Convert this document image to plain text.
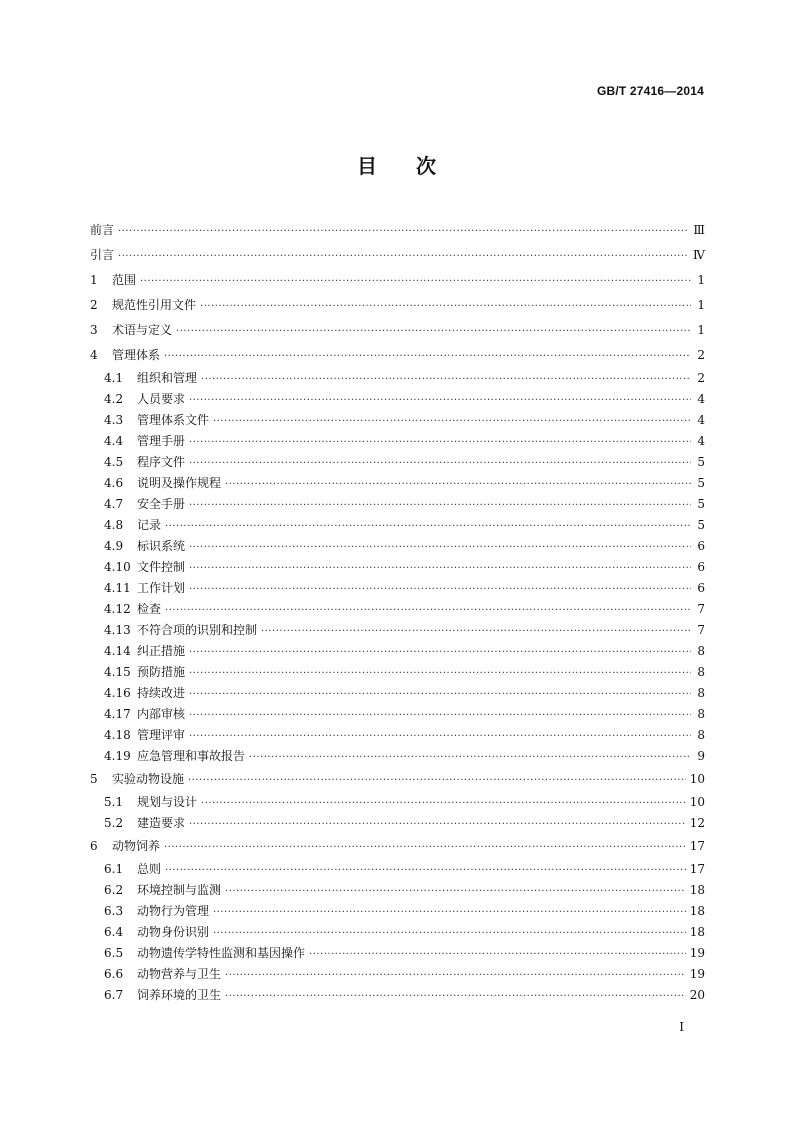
GB/T 27416—2014
目 次
前言 ·····	Ⅲ
引言 ·····	Ⅳ
1 范围 ·····	1
2 规范性引用文件 ·····	1
3 术语与定义 ·····	1
4 管理体系 ·····	2
4.1 组织和管理 ·····	2
4.2 人员要求 ·····	4
4.3 管理体系文件 ·····	4
4.4 管理手册 ·····	4
4.5 程序文件 ·····	5
4.6 说明及操作规程 ·····	5
4.7 安全手册 ·····	5
4.8 记录 ·····	5
4.9 标识系统 ·····	6
4.10 文件控制 ·····	6
4.11 工作计划 ·····	6
4.12 检查 ·····	7
4.13 不符合项的识别和控制 ·····	7
4.14 纠正措施 ·····	8
4.15 预防措施 ·····	8
4.16 持续改进 ·····	8
4.17 内部审核 ·····	8
4.18 管理评审 ·····	8
4.19 应急管理和事故报告 ·····	9
5 实验动物设施 ·····	10
5.1 规划与设计 ·····	10
5.2 建造要求 ·····	12
6 动物饲养 ·····	17
6.1 总则 ·····	17
6.2 环境控制与监测 ·····	18
6.3 动物行为管理 ·····	18
6.4 动物身份识别 ·····	18
6.5 动物遗传学特性监测和基因操作 ·····	19
6.6 动物营养与卫生 ·····	19
6.7 饲养环境的卫生 ·····	20
I
